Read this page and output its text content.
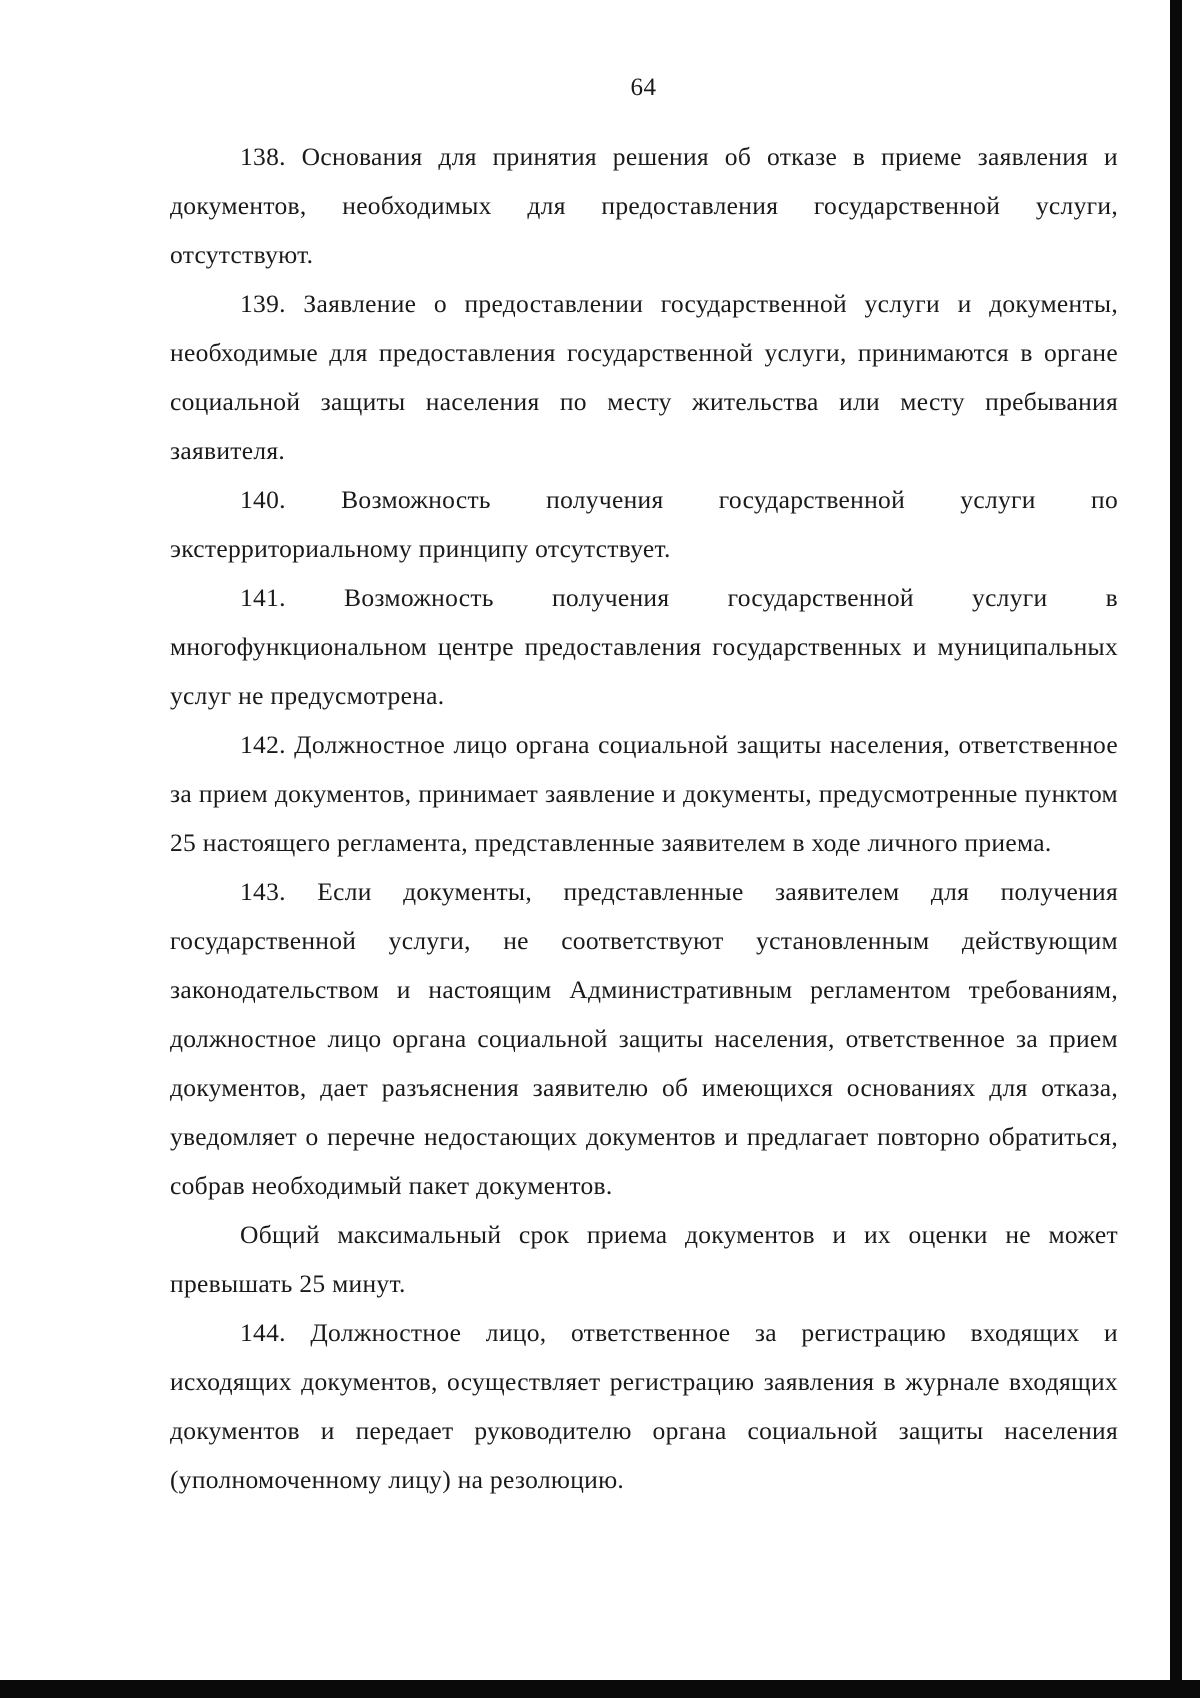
64

138. Основания для принятия решения об отказе в приеме заявления и документов, необходимых для предоставления государственной услуги, отсутствуют.

139. Заявление о предоставлении государственной услуги и документы, необходимые для предоставления государственной услуги, принимаются в органе социальной защиты населения по месту жительства или месту пребывания заявителя.

140. Возможность получения государственной услуги по экстерриториальному принципу отсутствует.

141. Возможность получения государственной услуги в многофункциональном центре предоставления государственных и муниципальных услуг не предусмотрена.

142. Должностное лицо органа социальной защиты населения, ответственное за прием документов, принимает заявление и документы, предусмотренные пунктом 25 настоящего регламента, представленные заявителем в ходе личного приема.

143. Если документы, представленные заявителем для получения государственной услуги, не соответствуют установленным действующим законодательством и настоящим Административным регламентом требованиям, должностное лицо органа социальной защиты населения, ответственное за прием документов, дает разъяснения заявителю об имеющихся основаниях для отказа, уведомляет о перечне недостающих документов и предлагает повторно обратиться, собрав необходимый пакет документов.

Общий максимальный срок приема документов и их оценки не может превышать 25 минут.

144. Должностное лицо, ответственное за регистрацию входящих и исходящих документов, осуществляет регистрацию заявления в журнале входящих документов и передает руководителю органа социальной защиты населения (уполномоченному лицу) на резолюцию.
